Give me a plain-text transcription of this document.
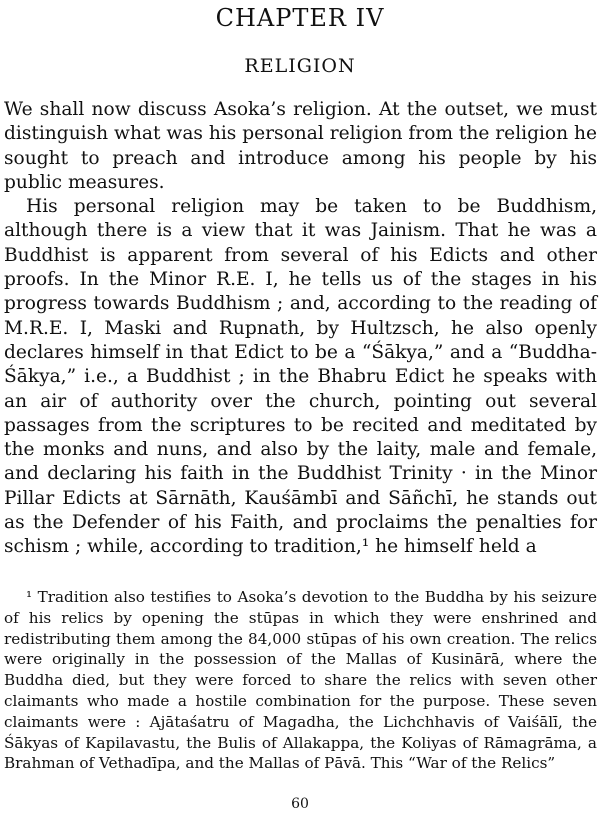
CHAPTER IV
RELIGION

We shall now discuss Asoka’s religion. At the outset, we must distinguish what was his personal religion from the religion he sought to preach and introduce among his people by his public measures.

His personal religion may be taken to be Buddhism, although there is a view that it was Jainism. That he was a Buddhist is apparent from several of his Edicts and other proofs. In the Minor R.E. I, he tells us of the stages in his progress towards Buddhism ; and, according to the reading of M.R.E. I, Maski and Rupnath, by Hultzsch, he also openly declares himself in that Edict to be a “Śākya,” and a “Buddha-Śākya,” i.e., a Buddhist ; in the Bhabru Edict he speaks with an air of authority over the church, pointing out several passages from the scriptures to be recited and meditated by the monks and nuns, and also by the laity, male and female, and declaring his faith in the Buddhist Trinity · in the Minor Pillar Edicts at Sārnāth, Kauśāmbī and Sāñchī, he stands out as the Defender of his Faith, and proclaims the penalties for schism ; while, according to tradition,¹ he himself held a

¹ Tradition also testifies to Asoka’s devotion to the Buddha by his seizure of his relics by opening the stūpas in which they were enshrined and redistributing them among the 84,000 stūpas of his own creation. The relics were originally in the possession of the Mallas of Kusinārā, where the Buddha died, but they were forced to share the relics with seven other claimants who made a hostile combination for the purpose. These seven claimants were : Ajātaśatru of Magadha, the Lichchhavis of Vaiśālī, the Śākyas of Kapilavastu, the Bulis of Allakappa, the Koliyas of Rāmagrāma, a Brahman of Vethadīpa, and the Mallas of Pāvā. This “War of the Relics”

60
